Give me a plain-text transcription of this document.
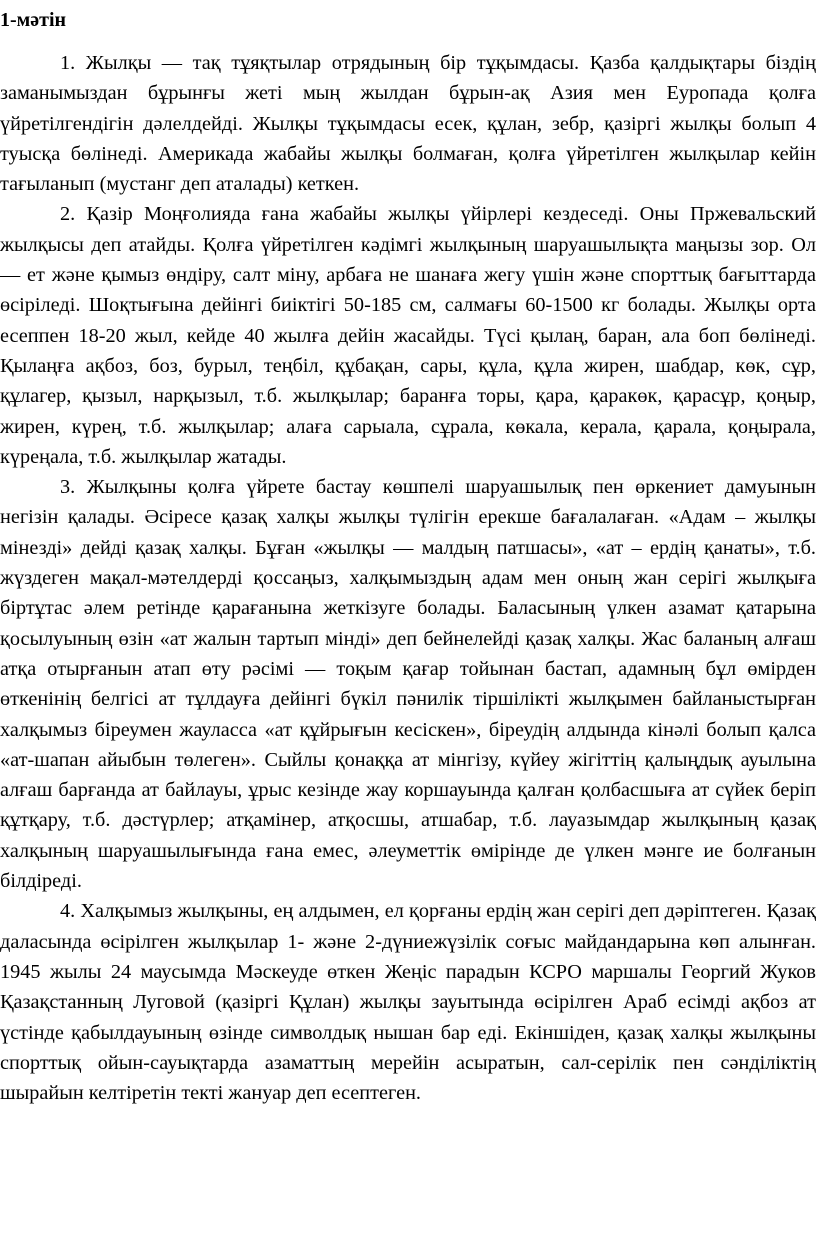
1-мәтін

1. Жылқы — тақ тұяқтылар отрядының бір тұқымдасы. Қазба қалдықтары біздің заманымыздан бұрынғы жеті мың жылдан бұрын-ақ Азия мен Еуропада қолға үйретілгендігін дәлелдейді. Жылқы тұқымдасы есек, құлан, зебр, қазіргі жылқы болып 4 туысқа бөлінеді. Америкада жабайы жылқы болмаған, қолға үйретілген жылқылар кейін тағыланып (мустанг деп аталады) кеткен.

2. Қазір Моңғолияда ғана жабайы жылқы үйірлері кездеседі. Оны Пржевальский жылқысы деп атайды. Қолға үйретілген кәдімгі жылқының шаруашылықта маңызы зор. Ол — ет және қымыз өндіру, салт міну, арбаға не шанаға жегу үшін және спорттық бағыттарда өсіріледі. Шоқтығына дейінгі биіктігі 50-185 см, салмағы 60-1500 кг болады. Жылқы орта есеппен 18-20 жыл, кейде 40 жылға дейін жасайды. Түсі қылаң, баран, ала боп бөлінеді. Қылаңға ақбоз, боз, бурыл, теңбіл, құбақан, сары, құла, құла жирен, шабдар, көк, сұр, құлагер, қызыл, нарқызыл, т.б. жылқылар; баранға торы, қара, қаракөк, қарасұр, қоңыр, жирен, күрең, т.б. жылқылар; алаға сарыала, сұрала, көкала, керала, қарала, қоңырала, күреңала, т.б. жылқылар жатады.

3. Жылқыны қолға үйрете бастау көшпелі шаруашылық пен өркениет дамуынын негізін қалады. Әсіресе қазақ халқы жылқы түлігін ерекше бағалалаған. «Адам – жылқы мінезді» дейді қазақ халқы. Бұған «жылқы — малдың патшасы», «ат – ердің қанаты», т.б. жүздеген мақал-мәтелдерді қоссаңыз, халқымыздың адам мен оның жан серігі жылқыға біртұтас әлем ретінде қарағанына жеткізуге болады. Баласының үлкен азамат қатарына қосылуының өзін «ат жалын тартып мінді» деп бейнелейді қазақ халқы. Жас баланың алғаш атқа отырғанын атап өту рәсімі — тоқым қағар тойынан бастап, адамның бұл өмірден өткенінің белгісі ат тұлдауға дейінгі бүкіл пәнилік тіршілікті жылқымен байланыстырған халқымыз біреумен жауласса «ат құйрығын кесіскен», біреудің алдында кінәлі болып қалса «ат-шапан айыбын төлеген». Сыйлы қонаққа ат мінгізу, күйеу жігіттің қалыңдық ауылына алғаш барғанда ат байлауы, ұрыс кезінде жау коршауында қалған қолбасшыға ат сүйек беріп құтқару, т.б. дәстүрлер; атқамінер, атқосшы, атшабар, т.б. лауазымдар жылқының қазақ халқының шаруашылығында ғана емес, әлеуметтік өмірінде де үлкен мәнге ие болғанын білдіреді.

4. Халқымыз жылқыны, ең алдымен, ел қорғаны ердің жан серігі деп дәріптеген. Қазақ даласында өсірілген жылқылар 1- және 2-дүниежүзілік соғыс майдандарына көп алынған. 1945 жылы 24 маусымда Мәскеуде өткен Жеңіс парадын КСРО маршалы Георгий Жуков Қазақстанның Луговой (қазіргі Құлан) жылқы зауытында өсірілген Араб есімді ақбоз ат үстінде қабылдауының өзінде символдық нышан бар еді. Екіншіден, қазақ халқы жылқыны спорттық ойын-сауықтарда азаматтың мерейін асыратын, сал-серілік пен сәнділіктің шырайын келтіретін текті жануар деп есептеген.
